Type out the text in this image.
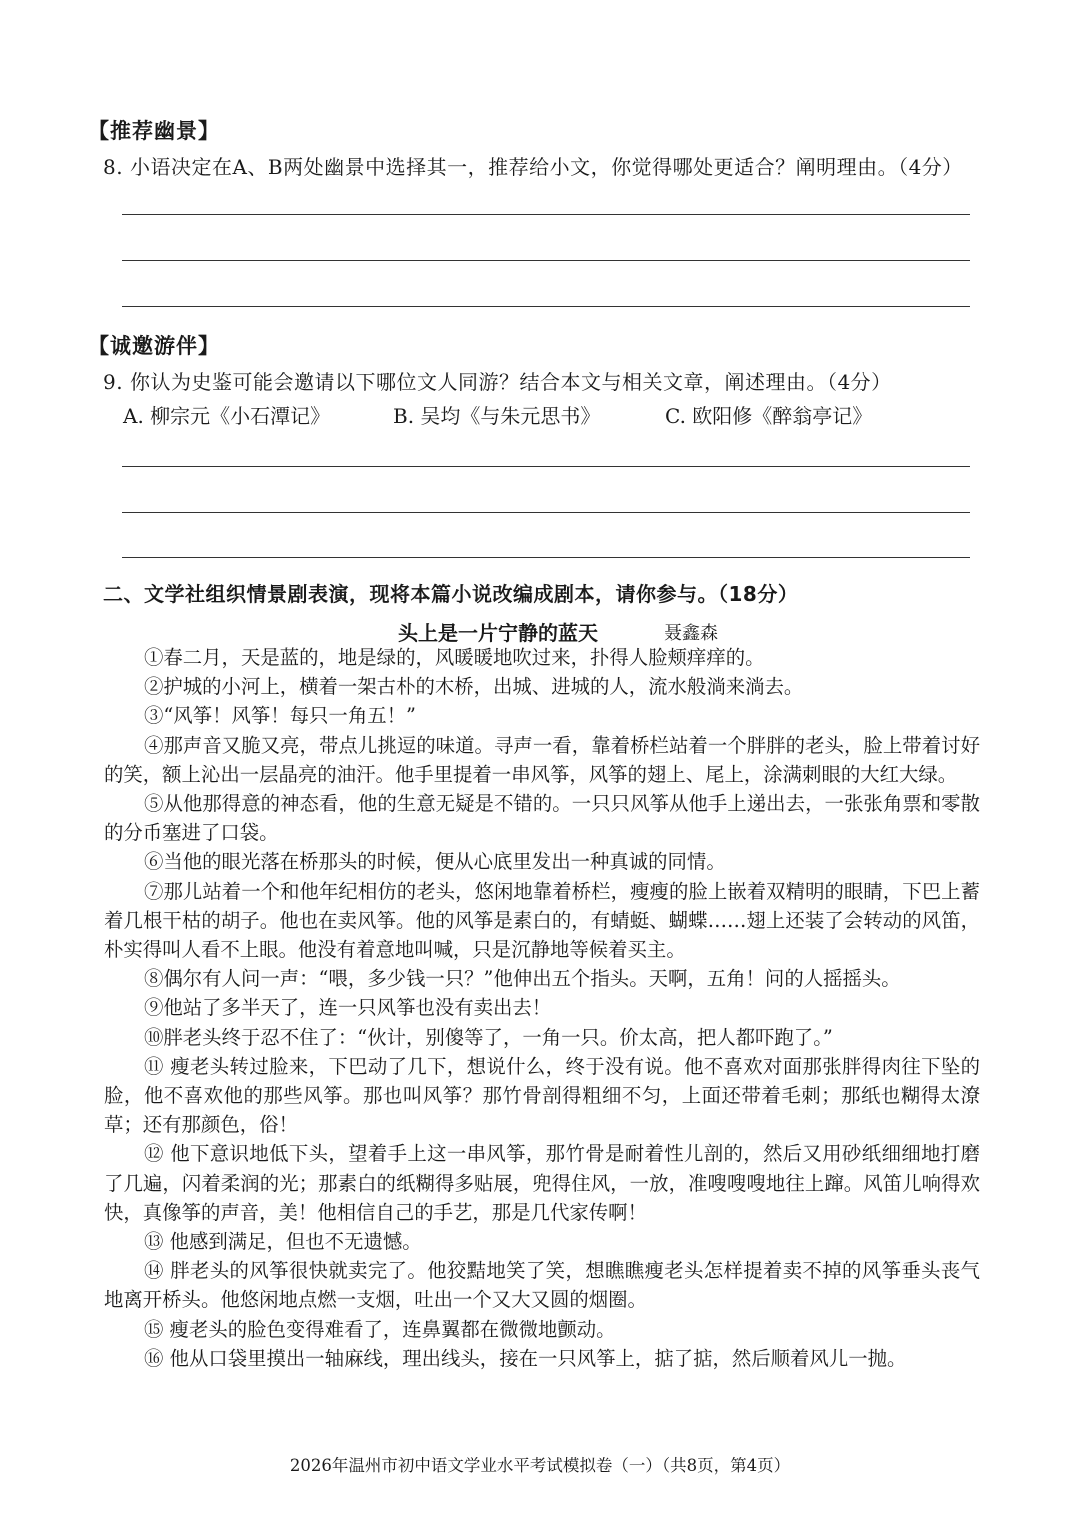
【推荐幽景】
8. 小语决定在A、B两处幽景中选择其一，推荐给小文，你觉得哪处更适合？阐明理由。（4分）
【诚邀游伴】
9. 你认为史鉴可能会邀请以下哪位文人同游？结合本文与相关文章，阐述理由。（4分）
A. 柳宗元《小石潭记》	B. 吴均《与朱元思书》	C. 欧阳修《醉翁亭记》
二、文学社组织情景剧表演，现将本篇小说改编成剧本，请你参与。（18分）
头上是一片宁静的蓝天	聂鑫森

①春二月，天是蓝的，地是绿的，风暖暖地吹过来，扑得人脸颊痒痒的。

②护城的小河上，横着一架古朴的木桥，出城、进城的人，流水般淌来淌去。

③“风筝！风筝！每只一角五！”

④那声音又脆又亮，带点儿挑逗的味道。寻声一看，靠着桥栏站着一个胖胖的老头，脸上带着讨好的笑，额上沁出一层晶亮的油汗。他手里提着一串风筝，风筝的翅上、尾上，涂满刺眼的大红大绿。

⑤从他那得意的神态看，他的生意无疑是不错的。一只只风筝从他手上递出去，一张张角票和零散的分币塞进了口袋。

⑥当他的眼光落在桥那头的时候，便从心底里发出一种真诚的同情。

⑦那儿站着一个和他年纪相仿的老头，悠闲地靠着桥栏，瘦瘦的脸上嵌着双精明的眼睛，下巴上蓄着几根干枯的胡子。他也在卖风筝。他的风筝是素白的，有蜻蜓、蝴蝶……翅上还装了会转动的风笛，朴实得叫人看不上眼。他没有着意地叫喊，只是沉静地等候着买主。

⑧偶尔有人问一声：“喂，多少钱一只？”他伸出五个指头。天啊，五角！问的人摇摇头。

⑨他站了多半天了，连一只风筝也没有卖出去！

⑩胖老头终于忍不住了：“伙计，别傻等了，一角一只。价太高，把人都吓跑了。”

⑪ 瘦老头转过脸来，下巴动了几下，想说什么，终于没有说。他不喜欢对面那张胖得肉往下坠的脸，他不喜欢他的那些风筝。那也叫风筝？那竹骨剖得粗细不匀，上面还带着毛刺；那纸也糊得太潦草；还有那颜色，俗！

⑫ 他下意识地低下头，望着手上这一串风筝，那竹骨是耐着性儿剖的，然后又用砂纸细细地打磨了几遍，闪着柔润的光；那素白的纸糊得多贴展，兜得住风，一放，准嗖嗖嗖地往上蹿。风笛儿响得欢快，真像筝的声音，美！他相信自己的手艺，那是几代家传啊！

⑬ 他感到满足，但也不无遗憾。

⑭ 胖老头的风筝很快就卖完了。他狡黠地笑了笑，想瞧瞧瘦老头怎样提着卖不掉的风筝垂头丧气地离开桥头。他悠闲地点燃一支烟，吐出一个又大又圆的烟圈。

⑮ 瘦老头的脸色变得难看了，连鼻翼都在微微地颤动。

⑯ 他从口袋里摸出一轴麻线，理出线头，接在一只风筝上，掂了掂，然后顺着风儿一抛。

2026年温州市初中语文学业水平考试模拟卷（一）（共8页，第4页）
